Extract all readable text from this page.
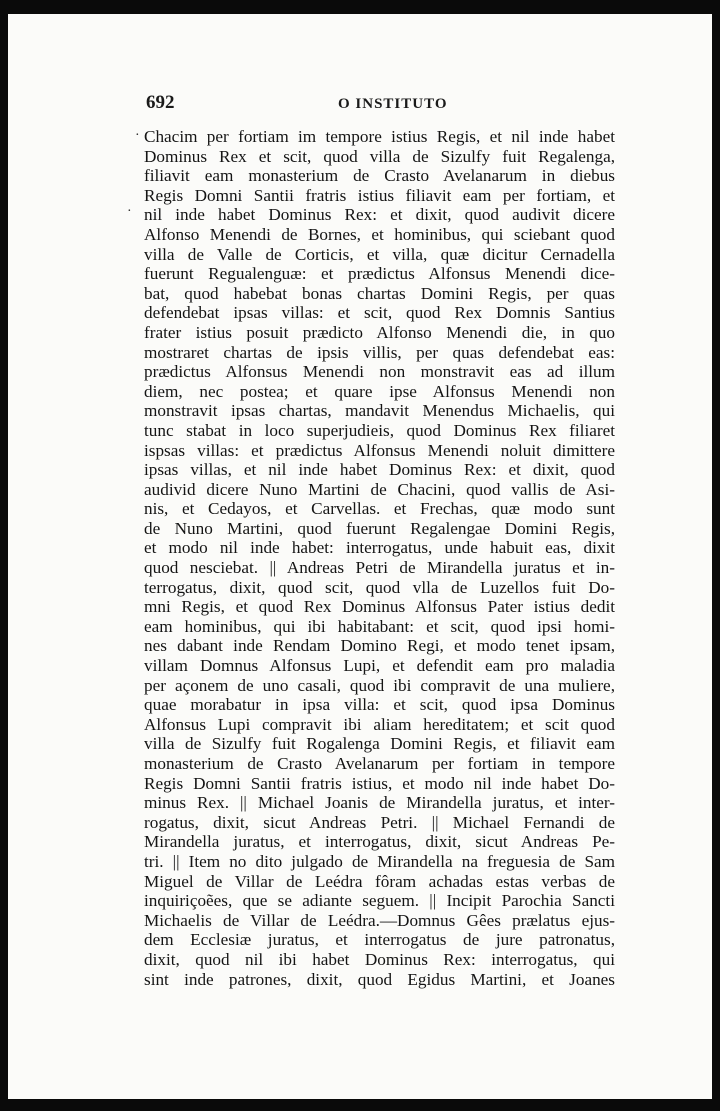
692	O INSTITUTO
·
·
Chacim per fortiam im tempore istius Regis, et nil inde habet
Dominus Rex et scit, quod villa de Sizulfy fuit Regalenga,
filiavit eam monasterium de Crasto Avelanarum in diebus
Regis Domni Santii fratris istius filiavit eam per fortiam, et
nil inde habet Dominus Rex: et dixit, quod audivit dicere
Alfonso Menendi de Bornes, et hominibus, qui sciebant quod
villa de Valle de Corticis, et villa, quæ dicitur Cernadella
fuerunt Regualenguæ: et prædictus Alfonsus Menendi dice-
bat, quod habebat bonas chartas Domini Regis, per quas
defendebat ipsas villas: et scit, quod Rex Domnis Santius
frater istius posuit prædicto Alfonso Menendi die, in quo
mostraret chartas de ipsis villis, per quas defendebat eas:
prædictus Alfonsus Menendi non monstravit eas ad illum
diem, nec postea; et quare ipse Alfonsus Menendi non
monstravit ipsas chartas, mandavit Menendus Michaelis, qui
tunc stabat in loco superjudieis, quod Dominus Rex filiaret
ispsas villas: et prædictus Alfonsus Menendi noluit dimittere
ipsas villas, et nil inde habet Dominus Rex: et dixit, quod
audivid dicere Nuno Martini de Chacini, quod vallis de Asi-
nis, et Cedayos, et Carvellas. et Frechas, quæ modo sunt
de Nuno Martini, quod fuerunt Regalengae Domini Regis,
et modo nil inde habet: interrogatus, unde habuit eas, dixit
quod nesciebat. || Andreas Petri de Mirandella juratus et in-
terrogatus, dixit, quod scit, quod vlla de Luzellos fuit Do-
mni Regis, et quod Rex Dominus Alfonsus Pater istius dedit
eam hominibus, qui ibi habitabant: et scit, quod ipsi homi-
nes dabant inde Rendam Domino Regi, et modo tenet ipsam,
villam Domnus Alfonsus Lupi, et defendit eam pro maladia
per açonem de uno casali, quod ibi compravit de una muliere,
quae morabatur in ipsa villa: et scit, quod ipsa Dominus
Alfonsus Lupi compravit ibi aliam hereditatem; et scit quod
villa de Sizulfy fuit Rogalenga Domini Regis, et filiavit eam
monasterium de Crasto Avelanarum per fortiam in tempore
Regis Domni Santii fratris istius, et modo nil inde habet Do-
minus Rex. || Michael Joanis de Mirandella juratus, et inter-
rogatus, dixit, sicut Andreas Petri. || Michael Fernandi de
Mirandella juratus, et interrogatus, dixit, sicut Andreas Pe-
tri. || Item no dito julgado de Mirandella na freguesia de Sam
Miguel de Villar de Leédra fôram achadas estas verbas de
inquiriçoẽes, que se adiante seguem. || Incipit Parochia Sancti
Michaelis de Villar de Leédra.—Domnus Gêes prælatus ejus-
dem Ecclesiæ juratus, et interrogatus de jure patronatus,
dixit, quod nil ibi habet Dominus Rex: interrogatus, qui
sint inde patrones, dixit, quod Egidus Martini, et Joanes
